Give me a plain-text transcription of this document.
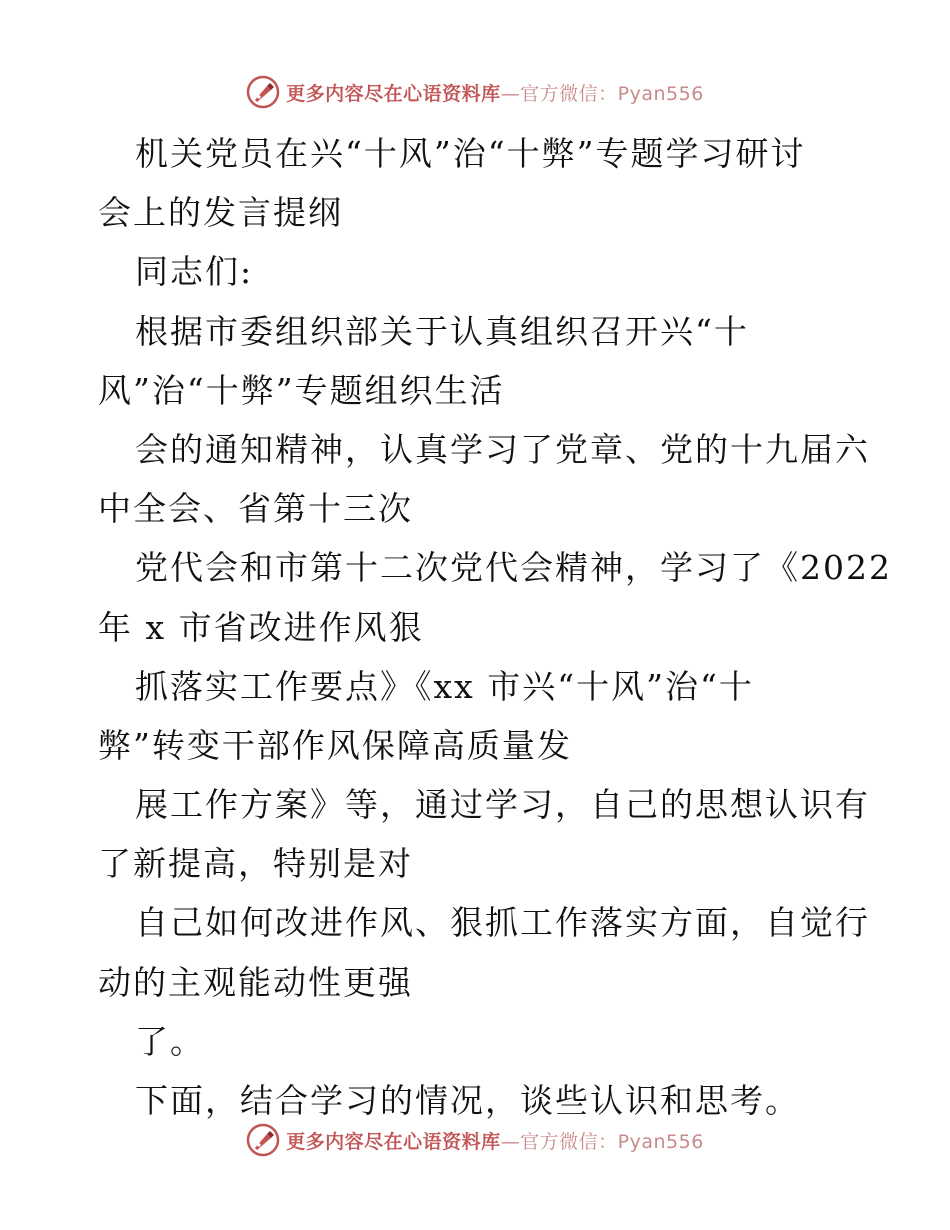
更多内容尽在心语资料库—官方微信：Pyan556
机关党员在兴“十风”治“十弊”专题学习研讨
会上的发言提纲
同志们:
根据市委组织部关于认真组织召开兴“十
风”治“十弊”专题组织生活
会的通知精神，认真学习了党章、党的十九届六
中全会、省第十三次
党代会和市第十二次党代会精神，学习了《2022
年 x 市省改进作风狠
抓落实工作要点》《xx 市兴“十风”治“十
弊”转变干部作风保障高质量发
展工作方案》等，通过学习，自己的思想认识有
了新提高，特别是对
自己如何改进作风、狠抓工作落实方面，自觉行
动的主观能动性更强
了。
下面，结合学习的情况，谈些认识和思考。
更多内容尽在心语资料库—官方微信：Pyan556
